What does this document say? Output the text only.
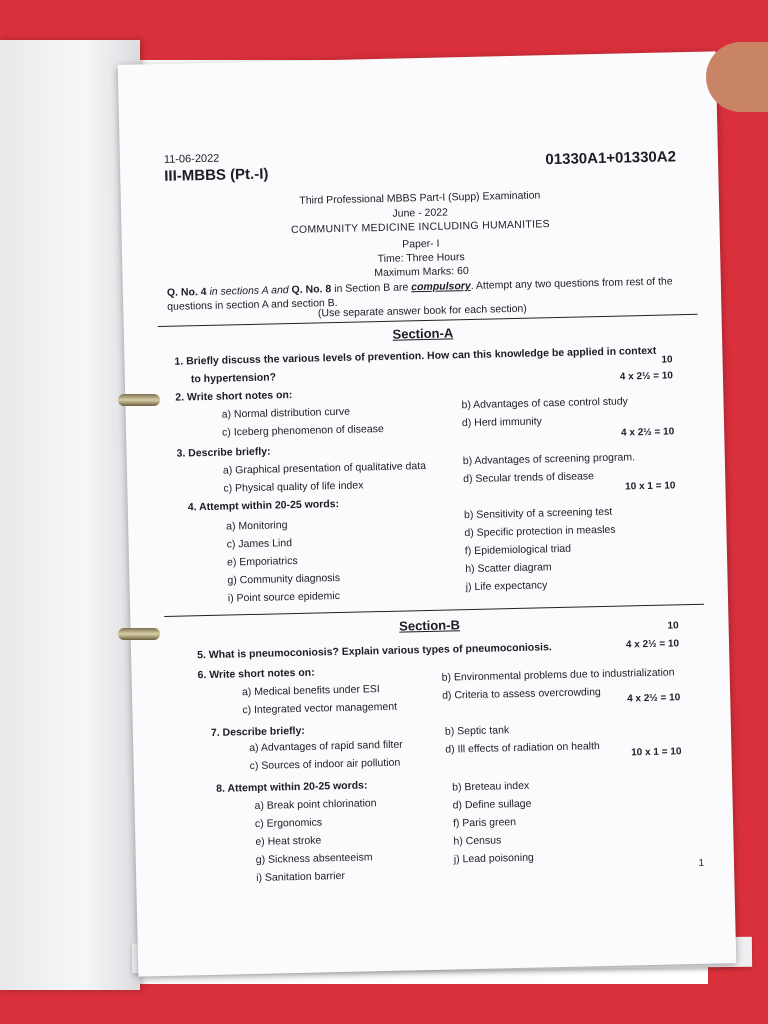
11-06-2022
III-MBBS (Pt.-I)
01330A1+01330A2
Third Professional MBBS Part-I (Supp) Examination
June - 2022
COMMUNITY MEDICINE INCLUDING HUMANITIES
Paper- I
Time: Three Hours
Maximum Marks: 60
Q. No. 4 in sections A and Q. No. 8 in Section B are compulsory. Attempt any two questions from rest of the questions in section A and section B.
(Use separate answer book for each section)
Section-A
1. Briefly discuss the various levels of prevention. How can this knowledge be applied in context
to hypertension?
10
2. Write short notes on:
4 x 2½ = 10
a) Normal distribution curve
b) Advantages of case control study
c) Iceberg phenomenon of disease
d) Herd immunity
3. Describe briefly:
4 x 2½ = 10
a) Graphical presentation of qualitative data
b) Advantages of screening program.
c) Physical quality of life index
d) Secular trends of disease
4. Attempt within 20-25 words:
10 x 1 = 10
a) Monitoring
b) Sensitivity of a screening test
c) James Lind
d) Specific protection in measles
e) Emporiatrics
f) Epidemiological triad
g) Community diagnosis
h) Scatter diagram
i) Point source epidemic
j) Life expectancy
Section-B
5. What is pneumoconiosis? Explain various types of pneumoconiosis.
10
6. Write short notes on:
4 x 2½ = 10
a) Medical benefits under ESI
b) Environmental problems due to industrialization
c) Integrated vector management
d) Criteria to assess overcrowding
7. Describe briefly:
4 x 2½ = 10
a) Advantages of rapid sand filter
b) Septic tank
c) Sources of indoor air pollution
d) Ill effects of radiation on health
8. Attempt within 20-25 words:
10 x 1 = 10
a) Break point chlorination
b) Breteau index
c) Ergonomics
d) Define sullage
e) Heat stroke
f) Paris green
g) Sickness absenteeism
h) Census
i) Sanitation barrier
j) Lead poisoning	1
